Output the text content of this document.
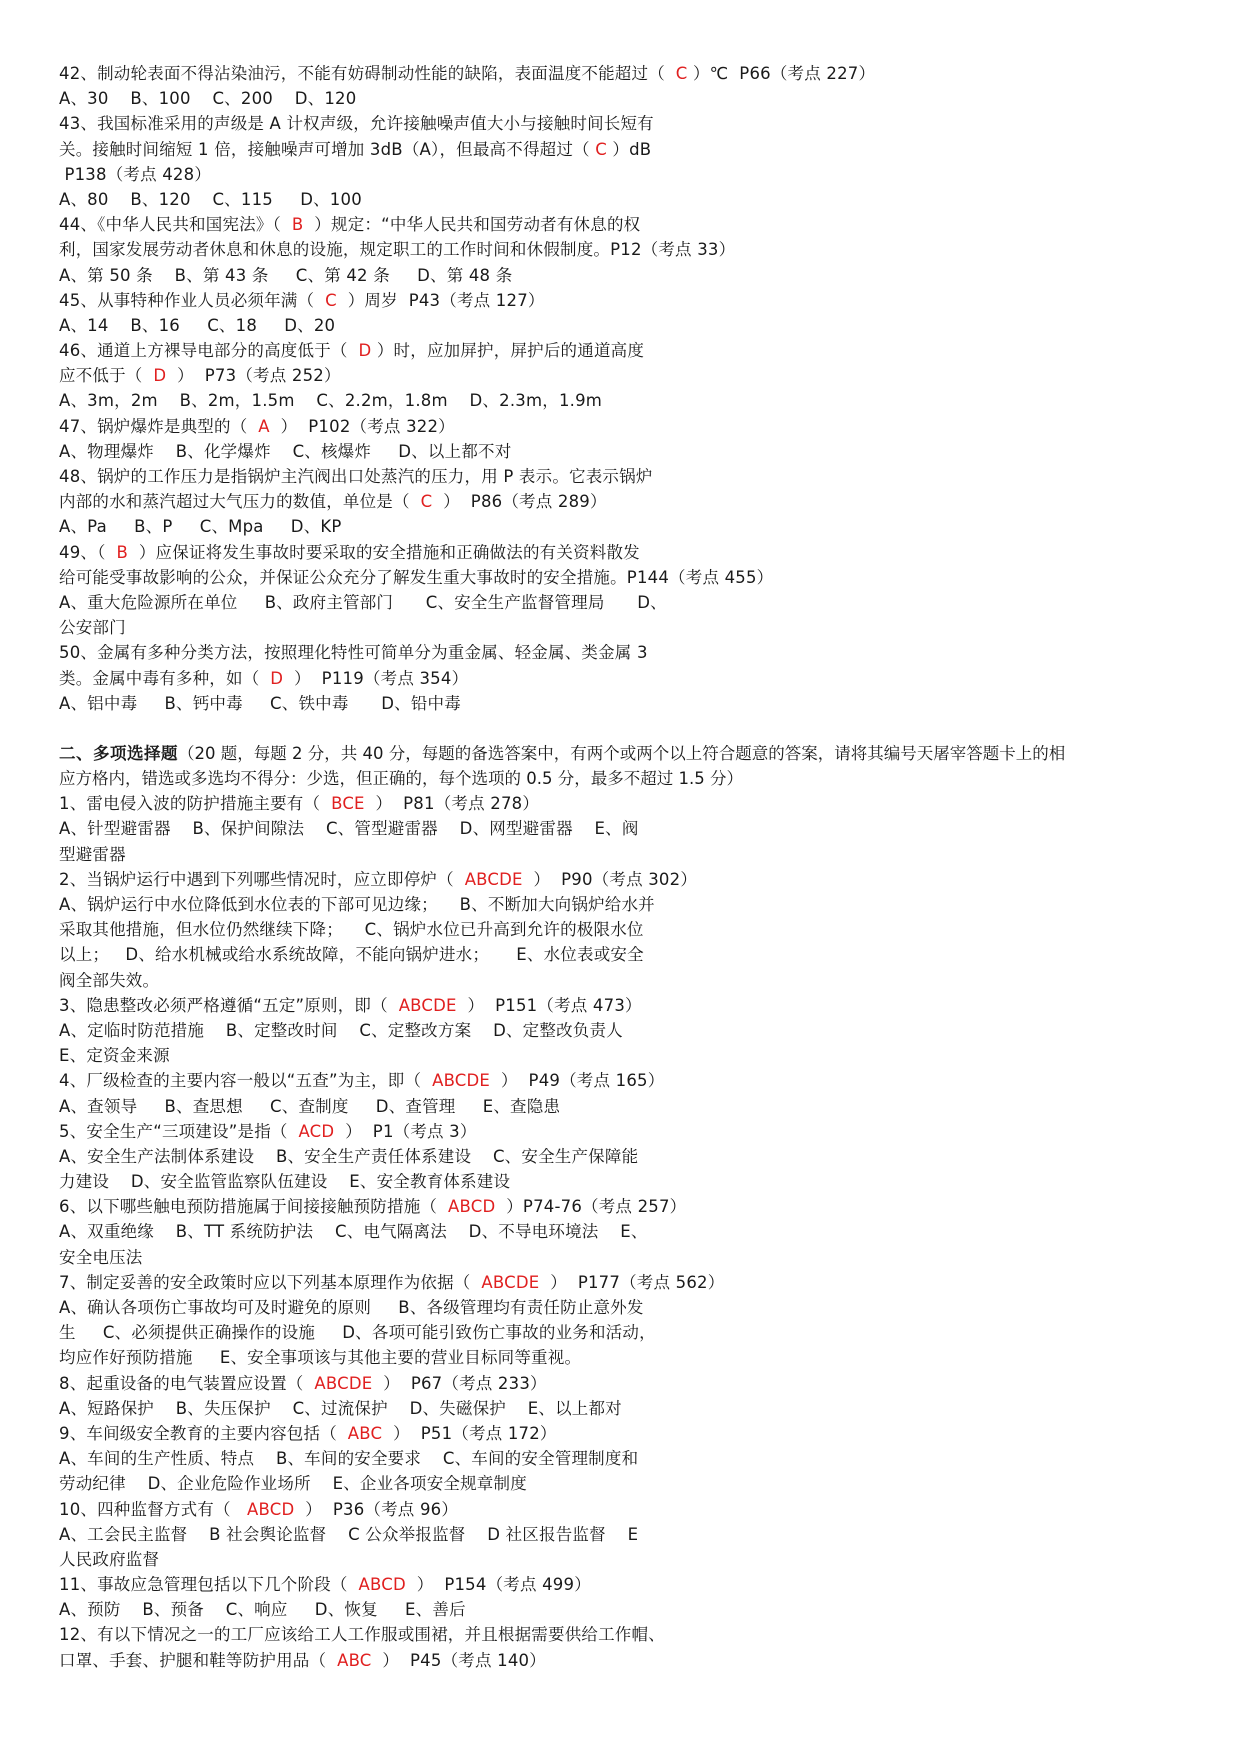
42、制动轮表面不得沾染油污，不能有妨碍制动性能的缺陷，表面温度不能超过（  C ）℃  P66（考点 227）
A、30    B、100    C、200    D、120
43、我国标准采用的声级是 A 计权声级，允许接触噪声值大小与接触时间长短有
关。接触时间缩短 1 倍，接触噪声可增加 3dB（A），但最高不得超过（ C ）dB
P138（考点 428）
A、80    B、120    C、115     D、100
44、《中华人民共和国宪法》（  B  ）规定：“中华人民共和国劳动者有休息的权
利，国家发展劳动者休息和休息的设施，规定职工的工作时间和休假制度。P12（考点 33）
A、第 50 条    B、第 43 条     C、第 42 条     D、第 48 条
45、从事特种作业人员必须年满（  C  ）周岁  P43（考点 127）
A、14    B、16     C、18     D、20
46、通道上方裸导电部分的高度低于（  D ）时，应加屏护，屏护后的通道高度
应不低于（  D  ）  P73（考点 252）
A、3m，2m    B、2m，1.5m    C、2.2m，1.8m    D、2.3m，1.9m
47、锅炉爆炸是典型的（  A  ）  P102（考点 322）
A、物理爆炸    B、化学爆炸    C、核爆炸     D、以上都不对
48、锅炉的工作压力是指锅炉主汽阀出口处蒸汽的压力，用 P 表示。它表示锅炉
内部的水和蒸汽超过大气压力的数值，单位是（  C  ）  P86（考点 289）
A、Pa     B、P     C、Mpa     D、KP
49、（  B  ）应保证将发生事故时要采取的安全措施和正确做法的有关资料散发
给可能受事故影响的公众，并保证公众充分了解发生重大事故时的安全措施。P144（考点 455）
A、重大危险源所在单位     B、政府主管部门      C、安全生产监督管理局      D、
公安部门
50、金属有多种分类方法，按照理化特性可简单分为重金属、轻金属、类金属 3
类。金属中毒有多种，如（  D  ）  P119（考点 354）
A、铝中毒     B、钙中毒     C、铁中毒      D、铅中毒
二、多项选择题（20 题，每题 2 分，共 40 分，每题的备选答案中，有两个或两个以上符合题意的答案，请将其编号天屠宰答题卡上的相
应方格内，错选或多选均不得分：少选，但正确的，每个选项的 0.5 分，最多不超过 1.5 分）
1、雷电侵入波的防护措施主要有（  BCE  ）  P81（考点 278）
A、针型避雷器    B、保护间隙法    C、管型避雷器    D、网型避雷器    E、阀
型避雷器
2、当锅炉运行中遇到下列哪些情况时，应立即停炉（  ABCDE  ）  P90（考点 302）
A、锅炉运行中水位降低到水位表的下部可见边缘；    B、不断加大向锅炉给水并
采取其他措施，但水位仍然继续下降；    C、锅炉水位已升高到允许的极限水位
以上；   D、给水机械或给水系统故障，不能向锅炉进水；     E、水位表或安全
阀全部失效。
3、隐患整改必须严格遵循“五定”原则，即（  ABCDE  ）  P151（考点 473）
A、定临时防范措施    B、定整改时间    C、定整改方案    D、定整改负责人
E、定资金来源
4、厂级检查的主要内容一般以“五查”为主，即（  ABCDE  ）  P49（考点 165）
A、查领导     B、查思想     C、查制度     D、查管理     E、查隐患
5、安全生产“三项建设”是指（  ACD  ）  P1（考点 3）
A、安全生产法制体系建设    B、安全生产责任体系建设    C、安全生产保障能
力建设    D、安全监管监察队伍建设    E、安全教育体系建设
6、以下哪些触电预防措施属于间接接触预防措施（  ABCD  ）P74-76（考点 257）
A、双重绝缘    B、TT 系统防护法    C、电气隔离法    D、不导电环境法    E、
安全电压法
7、制定妥善的安全政策时应以下列基本原理作为依据（  ABCDE  ）  P177（考点 562）
A、确认各项伤亡事故均可及时避免的原则     B、各级管理均有责任防止意外发
生     C、必须提供正确操作的设施     D、各项可能引致伤亡事故的业务和活动，
均应作好预防措施     E、安全事项该与其他主要的营业目标同等重视。
8、起重设备的电气装置应设置（  ABCDE  ）  P67（考点 233）
A、短路保护    B、失压保护    C、过流保护    D、失磁保护    E、以上都对
9、车间级安全教育的主要内容包括（  ABC  ）  P51（考点 172）
A、车间的生产性质、特点    B、车间的安全要求    C、车间的安全管理制度和
劳动纪律    D、企业危险作业场所    E、企业各项安全规章制度
10、四种监督方式有（   ABCD  ）  P36（考点 96）
A、工会民主监督    B 社会舆论监督    C 公众举报监督    D 社区报告监督    E
人民政府监督
11、事故应急管理包括以下几个阶段（  ABCD  ）  P154（考点 499）
A、预防    B、预备    C、响应     D、恢复     E、善后
12、有以下情况之一的工厂应该给工人工作服或围裙，并且根据需要供给工作帽、
口罩、手套、护腿和鞋等防护用品（  ABC  ）  P45（考点 140）
